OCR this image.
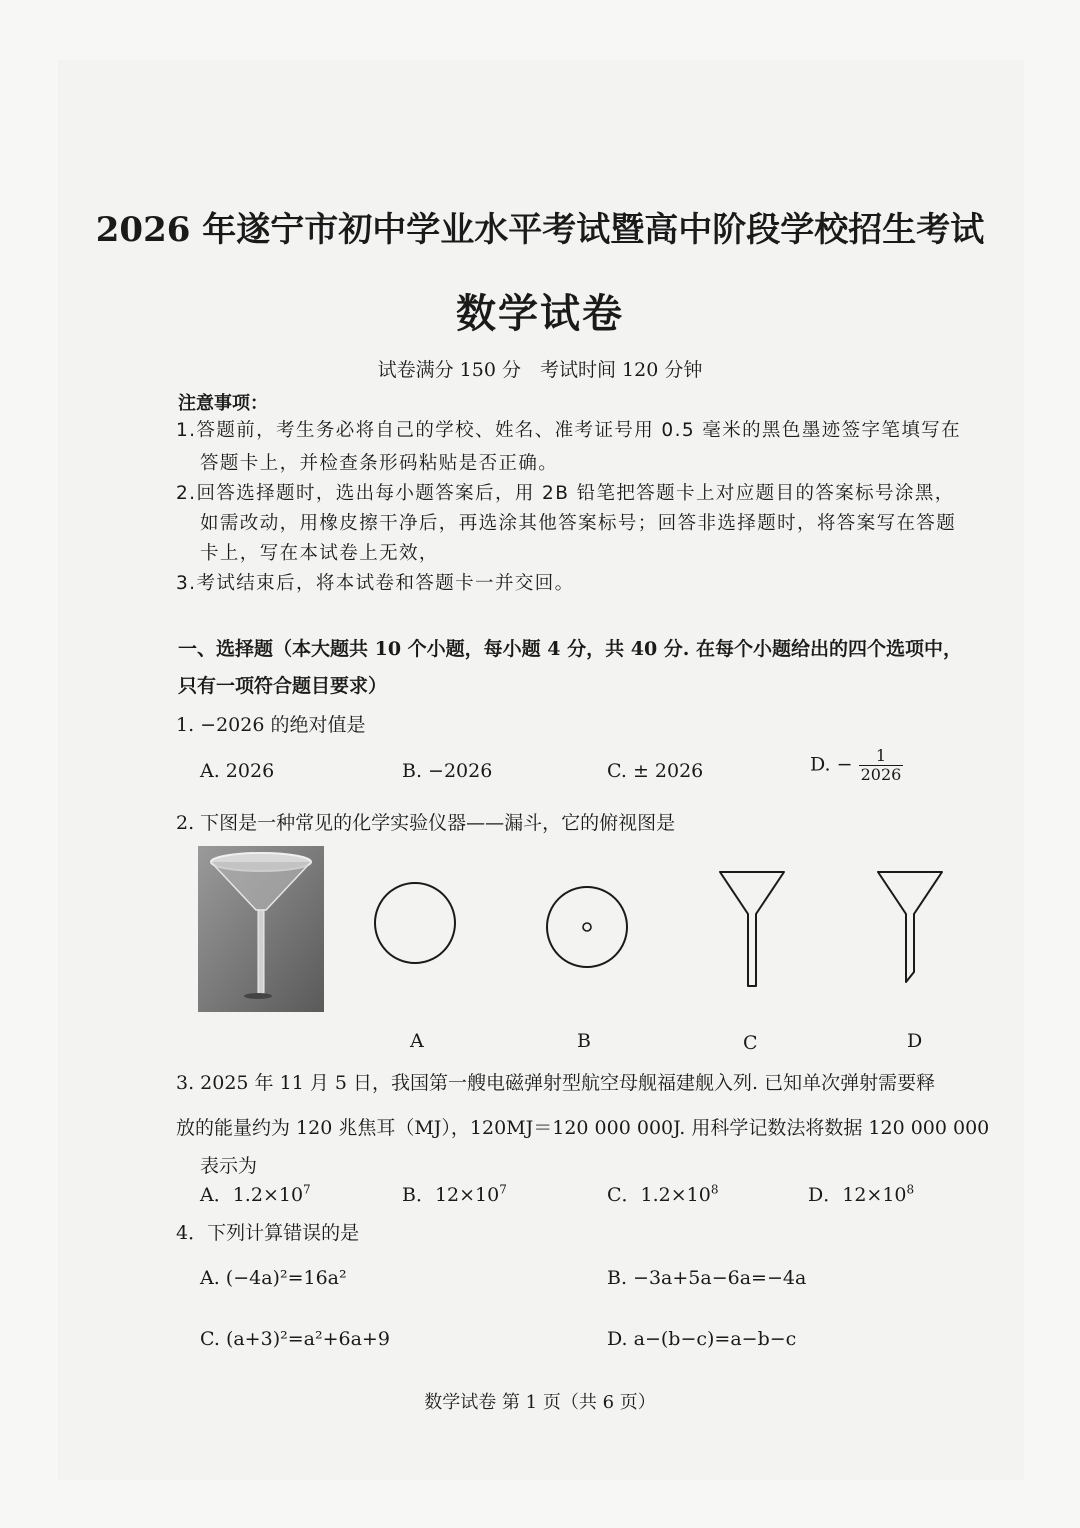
2026 年遂宁市初中学业水平考试暨高中阶段学校招生考试
数学试卷
试卷满分 150 分　考试时间 120 分钟
注意事项：
1.答题前，考生务必将自己的学校、姓名、准考证号用 0.5 毫米的黑色墨迹签字笔填写在
答题卡上，并检查条形码粘贴是否正确。
2.回答选择题时，选出每小题答案后，用 2B 铅笔把答题卡上对应题目的答案标号涂黑，
如需改动，用橡皮擦干净后，再选涂其他答案标号；回答非选择题时，将答案写在答题
卡上，写在本试卷上无效，
3.考试结束后，将本试卷和答题卡一并交回。
一、选择题（本大题共 10 个小题，每小题 4 分，共 40 分. 在每个小题给出的四个选项中，
只有一项符合题目要求）
1. −2026 的绝对值是
A. 2026	B. −2026	C. ± 2026	D. − $\frac{1}{2026}$
2. 下图是一种常见的化学实验仪器——漏斗，它的俯视图是
A	B	C	D
3. 2025 年 11 月 5 日，我国第一艘电磁弹射型航空母舰福建舰入列. 已知单次弹射需要释
放的能量约为 120 兆焦耳（MJ），120MJ＝120 000 000J. 用科学记数法将数据 120 000 000
表示为
A．$1.2\times 10^7$	B．$12\times 10^7$	C．$1.2\times 10^8$	D．$12\times 10^8$
4．下列计算错误的是
A. (−4a)²=16a²	B. −3a+5a−6a=−4a
C. (a+3)²=a²+6a+9	D. a−(b−c)=a−b−c
数学试卷 第 1 页（共 6 页）
